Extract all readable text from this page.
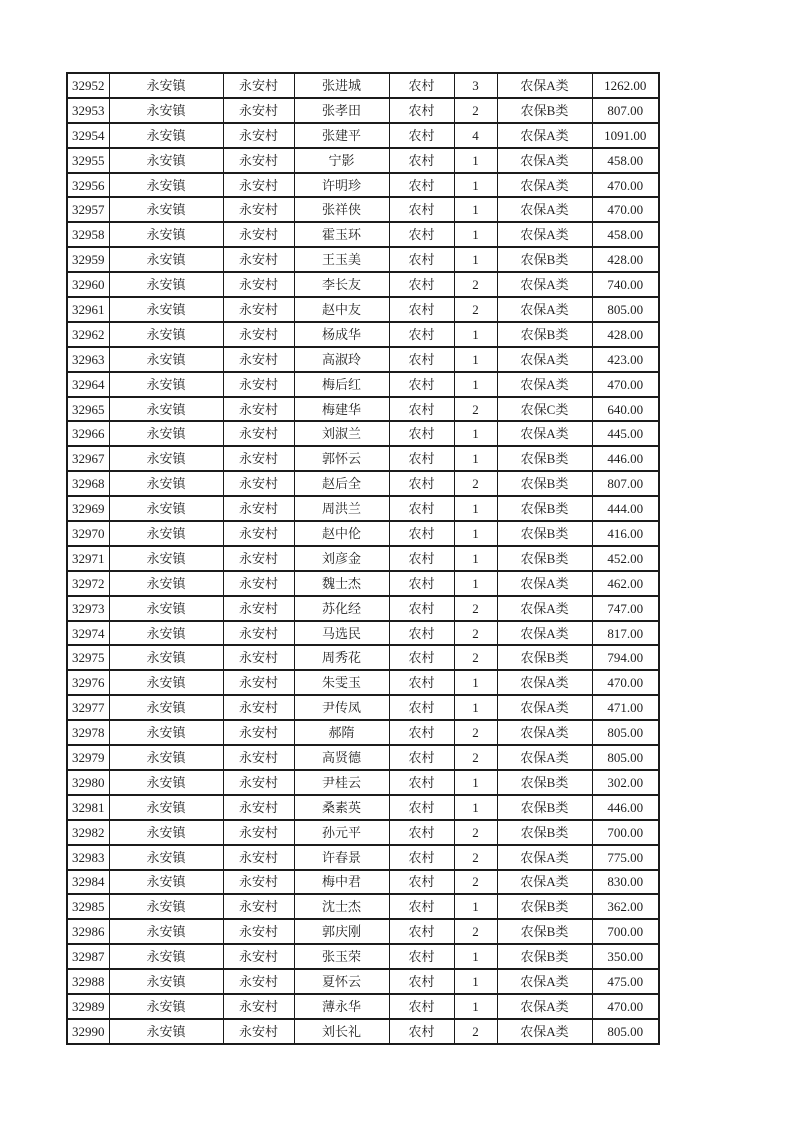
32952	永安镇	永安村	张进城	农村	3	农保A类	1262.00
32953	永安镇	永安村	张孝田	农村	2	农保B类	807.00
32954	永安镇	永安村	张建平	农村	4	农保A类	1091.00
32955	永安镇	永安村	宁影	农村	1	农保A类	458.00
32956	永安镇	永安村	许明珍	农村	1	农保A类	470.00
32957	永安镇	永安村	张祥侠	农村	1	农保A类	470.00
32958	永安镇	永安村	霍玉环	农村	1	农保A类	458.00
32959	永安镇	永安村	王玉美	农村	1	农保B类	428.00
32960	永安镇	永安村	李长友	农村	2	农保A类	740.00
32961	永安镇	永安村	赵中友	农村	2	农保A类	805.00
32962	永安镇	永安村	杨成华	农村	1	农保B类	428.00
32963	永安镇	永安村	高淑玲	农村	1	农保A类	423.00
32964	永安镇	永安村	梅后红	农村	1	农保A类	470.00
32965	永安镇	永安村	梅建华	农村	2	农保C类	640.00
32966	永安镇	永安村	刘淑兰	农村	1	农保A类	445.00
32967	永安镇	永安村	郭怀云	农村	1	农保B类	446.00
32968	永安镇	永安村	赵后全	农村	2	农保B类	807.00
32969	永安镇	永安村	周洪兰	农村	1	农保B类	444.00
32970	永安镇	永安村	赵中伦	农村	1	农保B类	416.00
32971	永安镇	永安村	刘彦金	农村	1	农保B类	452.00
32972	永安镇	永安村	魏士杰	农村	1	农保A类	462.00
32973	永安镇	永安村	苏化经	农村	2	农保A类	747.00
32974	永安镇	永安村	马选民	农村	2	农保A类	817.00
32975	永安镇	永安村	周秀花	农村	2	农保B类	794.00
32976	永安镇	永安村	朱雯玉	农村	1	农保A类	470.00
32977	永安镇	永安村	尹传凤	农村	1	农保A类	471.00
32978	永安镇	永安村	郝隋	农村	2	农保A类	805.00
32979	永安镇	永安村	高贤德	农村	2	农保A类	805.00
32980	永安镇	永安村	尹桂云	农村	1	农保B类	302.00
32981	永安镇	永安村	桑素英	农村	1	农保B类	446.00
32982	永安镇	永安村	孙元平	农村	2	农保B类	700.00
32983	永安镇	永安村	许春景	农村	2	农保A类	775.00
32984	永安镇	永安村	梅中君	农村	2	农保A类	830.00
32985	永安镇	永安村	沈士杰	农村	1	农保B类	362.00
32986	永安镇	永安村	郭庆刚	农村	2	农保B类	700.00
32987	永安镇	永安村	张玉荣	农村	1	农保B类	350.00
32988	永安镇	永安村	夏怀云	农村	1	农保A类	475.00
32989	永安镇	永安村	薄永华	农村	1	农保A类	470.00
32990	永安镇	永安村	刘长礼	农村	2	农保A类	805.00
